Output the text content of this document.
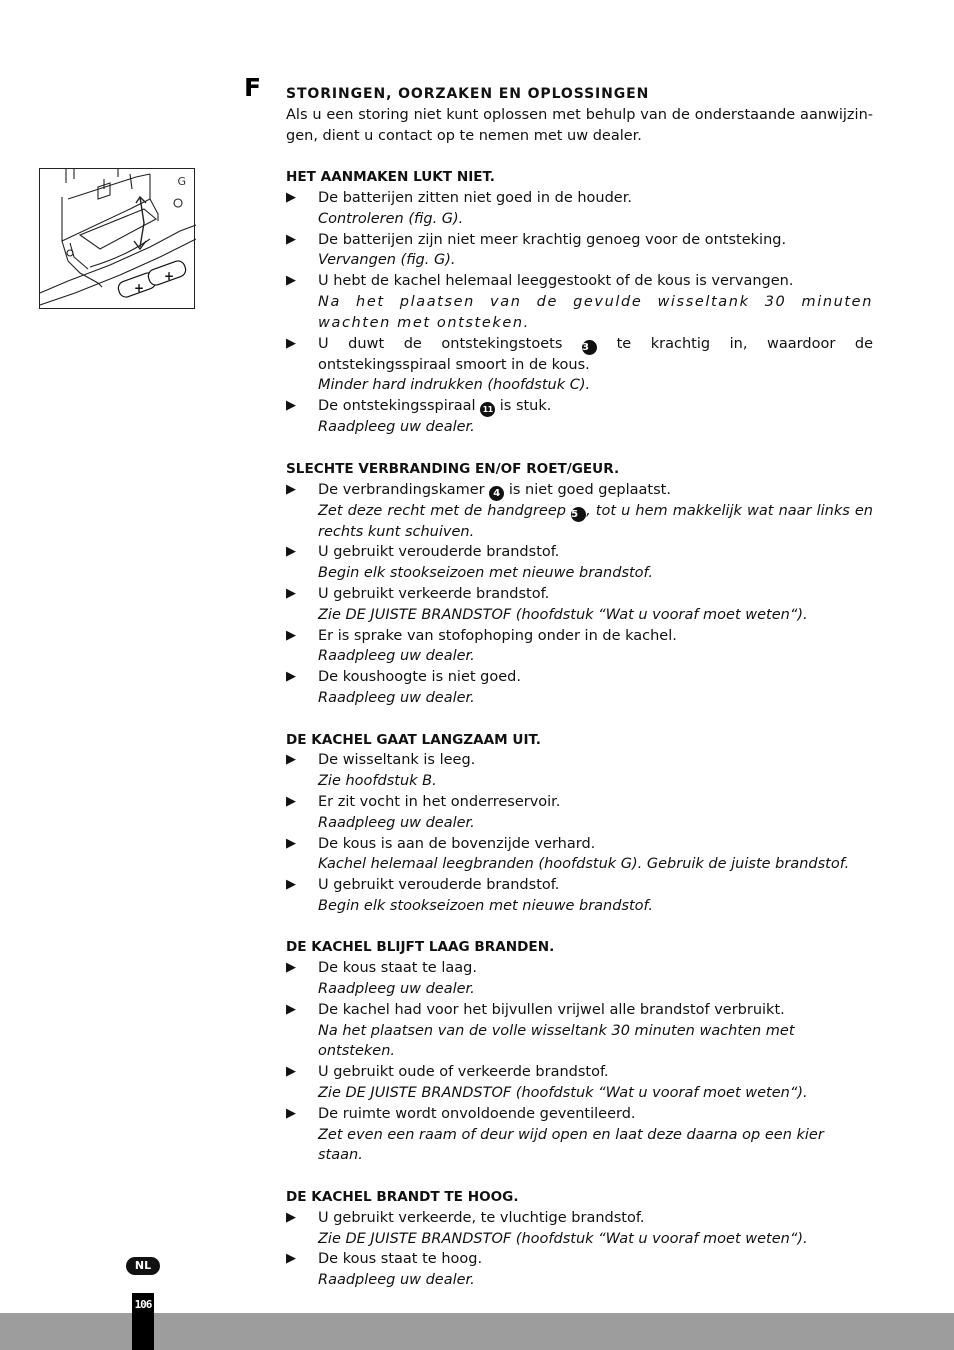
F
G
+
+
STORINGEN, OORZAKEN EN OPLOSSINGEN
Als u een storing niet kunt oplossen met behulp van de onderstaande aanwijzin- gen, dient u contact op te nemen met uw dealer.
HET AANMAKEN LUKT NIET.
▶ De batterijen zitten niet goed in de houder.
Controleren (fig. G).
▶ De batterijen zijn niet meer krachtig genoeg voor de ontsteking.
Vervangen (fig. G).
▶ U hebt de kachel helemaal leeggestookt of de kous is vervangen.
Na het plaatsen van de gevulde wisseltank 30 minuten wachten met ontsteken.
▶ U duwt de ontstekingstoets 3 te krachtig in, waardoor de ontstekingsspiraal smoort in de kous.
Minder hard indrukken (hoofdstuk C).
▶ De ontstekingsspiraal 11 is stuk.
Raadpleeg uw dealer.
SLECHTE VERBRANDING EN/OF ROET/GEUR.
▶ De verbrandingskamer 4 is niet goed geplaatst.
Zet deze recht met de handgreep 5 , tot u hem makkelijk wat naar links en rechts kunt schuiven.
▶ U gebruikt verouderde brandstof.
Begin elk stookseizoen met nieuwe brandstof.
▶ U gebruikt verkeerde brandstof.
Zie DE JUISTE BRANDSTOF (hoofdstuk “Wat u vooraf moet weten“).
▶ Er is sprake van stofophoping onder in de kachel.
Raadpleeg uw dealer.
▶ De koushoogte is niet goed.
Raadpleeg uw dealer.
DE KACHEL GAAT LANGZAAM UIT.
▶ De wisseltank is leeg.
Zie hoofdstuk B.
▶ Er zit vocht in het onderreservoir.
Raadpleeg uw dealer.
▶ De kous is aan de bovenzijde verhard.
Kachel helemaal leegbranden (hoofdstuk G). Gebruik de juiste brandstof.
▶ U gebruikt verouderde brandstof.
Begin elk stookseizoen met nieuwe brandstof.
DE KACHEL BLIJFT LAAG BRANDEN.
▶ De kous staat te laag.
Raadpleeg uw dealer.
▶ De kachel had voor het bijvullen vrijwel alle brandstof verbruikt.
Na het plaatsen van de volle wisseltank 30 minuten wachten met ontsteken.
▶ U gebruikt oude of verkeerde brandstof.
Zie DE JUISTE BRANDSTOF (hoofdstuk “Wat u vooraf moet weten“).
▶ De ruimte wordt onvoldoende geventileerd.
Zet even een raam of deur wijd open en laat deze daarna op een kier staan.
DE KACHEL BRANDT TE HOOG.
▶ U gebruikt verkeerde, te vluchtige brandstof.
Zie DE JUISTE BRANDSTOF (hoofdstuk “Wat u vooraf moet weten“).
▶ De kous staat te hoog.
Raadpleeg uw dealer.
NL
106
